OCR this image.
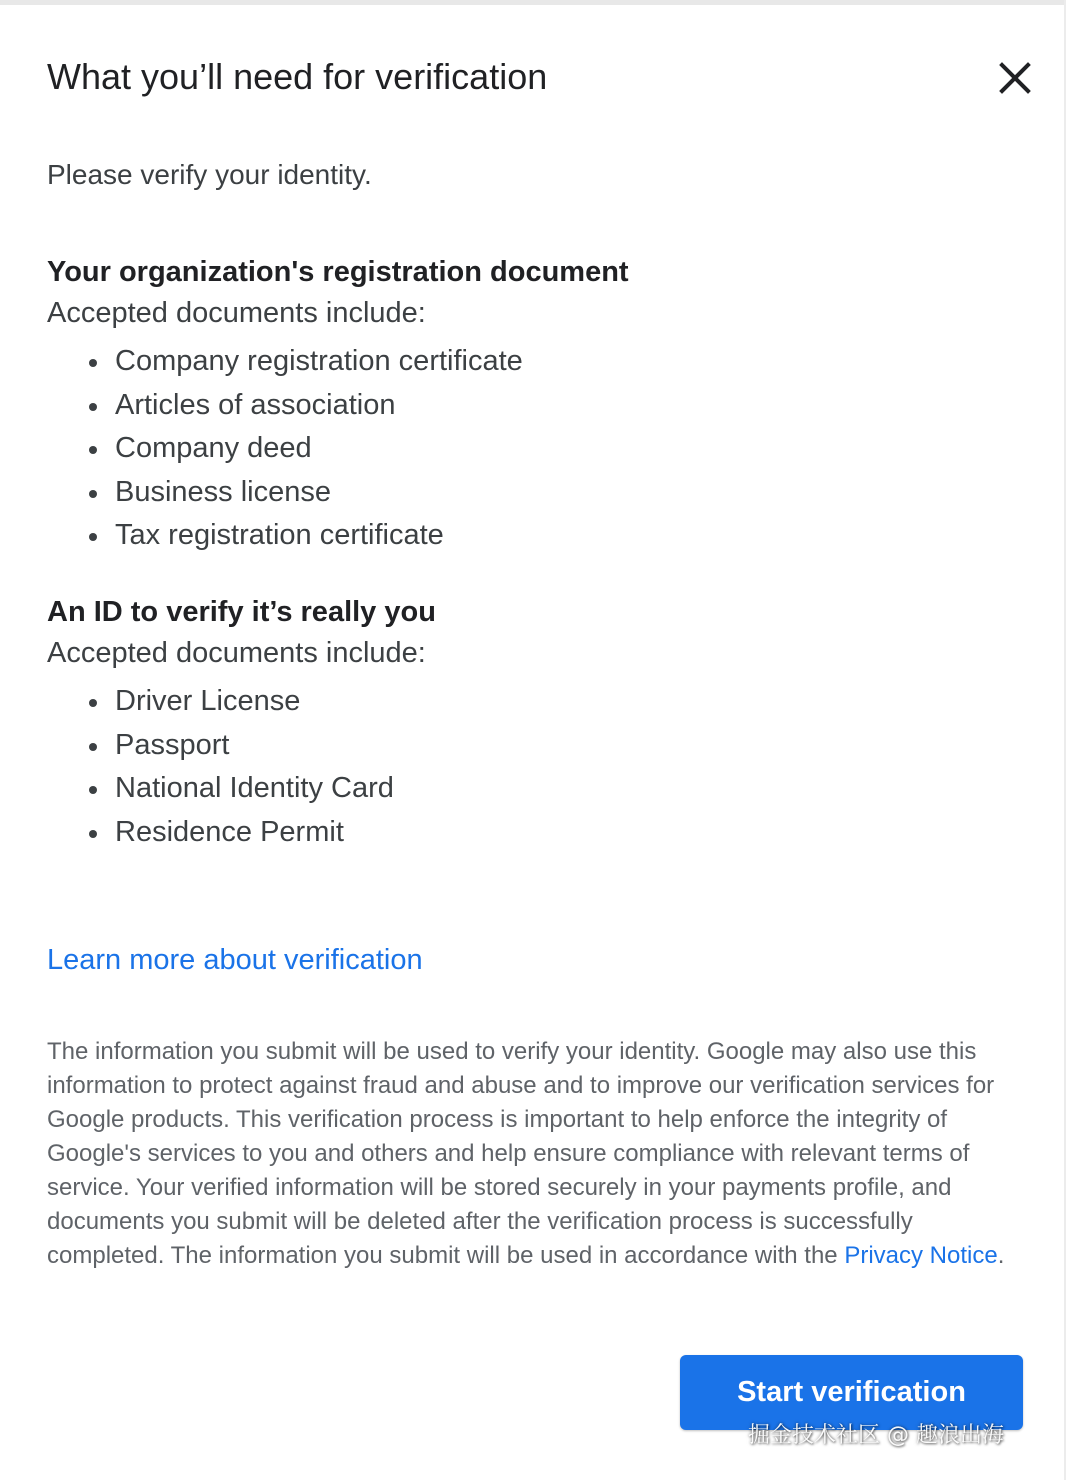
What you’ll need for verification

Please verify your identity.

Your organization's registration document

Accepted documents include:

Company registration certificate
Articles of association
Company deed
Business license
Tax registration certificate
An ID to verify it’s really you

Accepted documents include:

Driver License
Passport
National Identity Card
Residence Permit
Learn more about verification

The information you submit will be used to verify your identity. Google may also use this information to protect against fraud and abuse and to improve our verification services for Google products. This verification process is important to help enforce the integrity of Google's services to you and others and help ensure compliance with relevant terms of service. Your verified information will be stored securely in your payments profile, and documents you submit will be deleted after the verification process is successfully completed. The information you submit will be used in accordance with the Privacy Notice.

Start verification
掘金技术社区 @ 趣浪出海
